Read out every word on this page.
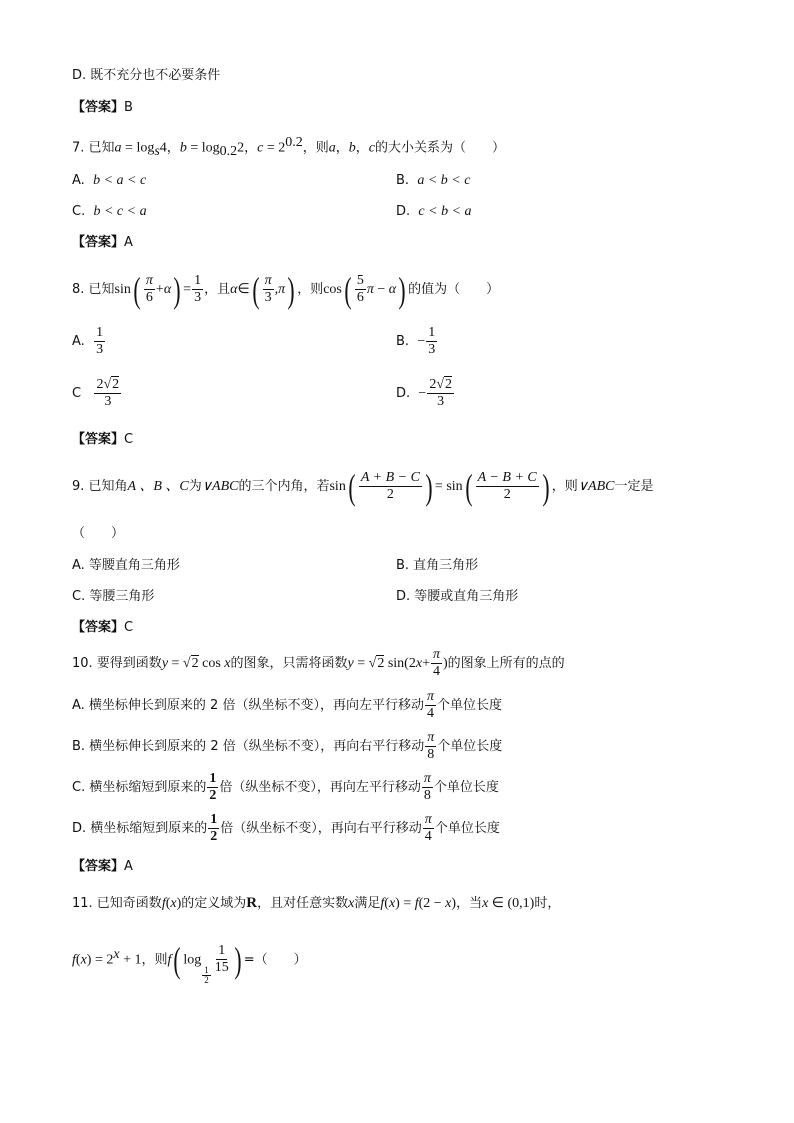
D. 既不充分也不必要条件
【答案】B
7. 已知$a = \log_s4$，$b = \log_{0.2}2$，$c = 2^{0.2}$，则a，b，c的大小关系为（　　）
A. b < a < c	B. a < b < c
C. b < c < a	D. c < b < a
【答案】A
8. 已知$\sin( \frac{\pi}{6} +\alpha) = \frac{1}{3}$ ，且α∈( $\frac{\pi}{3} ,\pi$) ，则$\cos( \frac{5}{6}$ π − α) 的值为（　　）
A. $\frac{1}{3}$	B. − $\frac{1}{3}$
C $\frac{2√2}{3}$	D. − $\frac{2√2}{3}$
【答案】C
9. 已知角A 、B 、C为∨ABC的三个内角，若$\sin( \frac{A + B - C}{2}$ ) = $\sin( \frac{A - B + C}{2}$ ) ，则∨ABC一定是
（　　）
A. 等腰直角三角形	B. 直角三角形
C. 等腰三角形	D. 等腰或直角三角形
【答案】C
10. 要得到函数y = √2 cos x的图象，只需将函数y = √2 $\sin(2x+ \frac{\pi}{4}$ )的图象上所有的点的
A. 横坐标伸长到原来的 2 倍（纵坐标不变），再向左平行移动 $\frac{\pi}{4}$ 个单位长度
B. 横坐标伸长到原来的 2 倍（纵坐标不变），再向右平行移动 $\frac{\pi}{8}$ 个单位长度
C. 横坐标缩短到原来的 $\frac{1}{2}$ 倍（纵坐标不变），再向左平行移动 $\frac{\pi}{8}$ 个单位长度
D. 横坐标缩短到原来的 $\frac{1}{2}$ 倍（纵坐标不变），再向右平行移动 $\frac{\pi}{4}$ 个单位长度
【答案】A
11. 已知奇函数f(x)的定义域为R，且对任意实数x满足f(x) = f(2 − x)，当x ∈ (0,1)时，
$f(x) = 2^x + 1$，则f( log
$\frac{1}{2} \frac{1}{15}$ ) =（　　）
